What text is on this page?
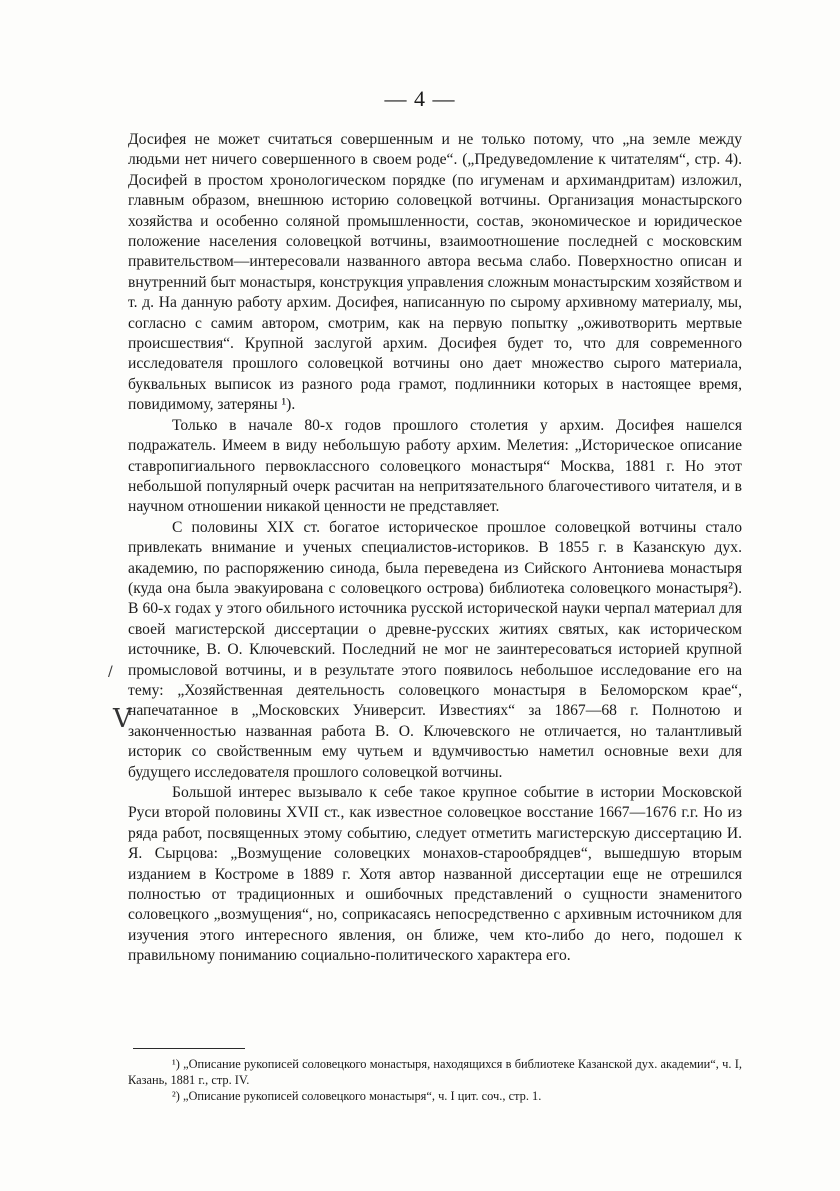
— 4 —

Досифея не может считаться совершенным и не только потому, что „на земле между людьми нет ничего совершенного в своем роде“. („Предуведомление к читателям“, стр. 4). Досифей в простом хронологическом порядке (по игуменам и архимандритам) изложил, главным образом, внешнюю историю соловецкой вотчины. Организация монастырского хозяйства и особенно соляной промышленности, состав, экономическое и юридическое положение населения соловецкой вотчины, взаимоотношение последней с московским правительством—интересовали названного автора весьма слабо. Поверхностно описан и внутренний быт монастыря, конструкция управления сложным монастырским хозяйством и т. д. На данную работу архим. Досифея, написанную по сырому архивному материалу, мы, согласно с самим автором, смотрим, как на первую попытку „оживотворить мертвые происшествия“. Крупной заслугой архим. Досифея будет то, что для современного исследователя прошлого соловецкой вотчины оно дает множество сырого материала, буквальных выписок из разного рода грамот, подлинники которых в настоящее время, повидимому, затеряны ¹).

Только в начале 80-х годов прошлого столетия у архим. Досифея нашелся подражатель. Имеем в виду небольшую работу архим. Мелетия: „Историческое описание ставропигиального первоклассного соловецкого монастыря“ Москва, 1881 г. Но этот небольшой популярный очерк расчитан на непритязательного благочестивого читателя, и в научном отношении никакой ценности не представляет.

С половины XIX ст. богатое историческое прошлое соловецкой вотчины стало привлекать внимание и ученых специалистов-историков. В 1855 г. в Казанскую дух. академию, по распоряжению синода, была переведена из Сийского Антониева монастыря (куда она была эвакуирована с соловецкого острова) библиотека соловецкого монастыря²). В 60-х годах у этого обильного источника русской исторической науки черпал материал для своей магистерской диссертации о древне-русских житиях святых, как историческом источнике, В. О. Ключевский. Последний не мог не заинтересоваться историей крупной промысловой вотчины, и в результате этого появилось небольшое исследование его на тему: „Хозяйственная деятельность соловецкого монастыря в Беломорском крае“, напечатанное в „Московских Университ. Известиях“ за 1867—68 г. Полнотою и законченностью названная работа В. О. Ключевского не отличается, но талантливый историк со свойственным ему чутьем и вдумчивостью наметил основные вехи для будущего исследователя прошлого соловецкой вотчины.

Большой интерес вызывало к себе такое крупное событие в истории Московской Руси второй половины XVII ст., как известное соловецкое восстание 1667—1676 г.г. Но из ряда работ, посвященных этому событию, следует отметить магистерскую диссертацию И. Я. Сырцова: „Возмущение соловецких монахов-старообрядцев“, вышедшую вторым изданием в Костроме в 1889 г. Хотя автор названной диссертации еще не отрешился полностью от традиционных и ошибочных представлений о сущности знаменитого соловецкого „возмущения“, но, соприкасаясь непосредственно с архивным источником для изучения этого интересного явления, он ближе, чем кто-либо до него, подошел к правильному пониманию социально-политического характера его.

/
V

¹) „Описание рукописей соловецкого монастыря, находящихся в библиотеке Казанской дух. академии“, ч. I, Казань, 1881 г., стр. IV.

²) „Описание рукописей соловецкого монастыря“, ч. I цит. соч., стр. 1.
